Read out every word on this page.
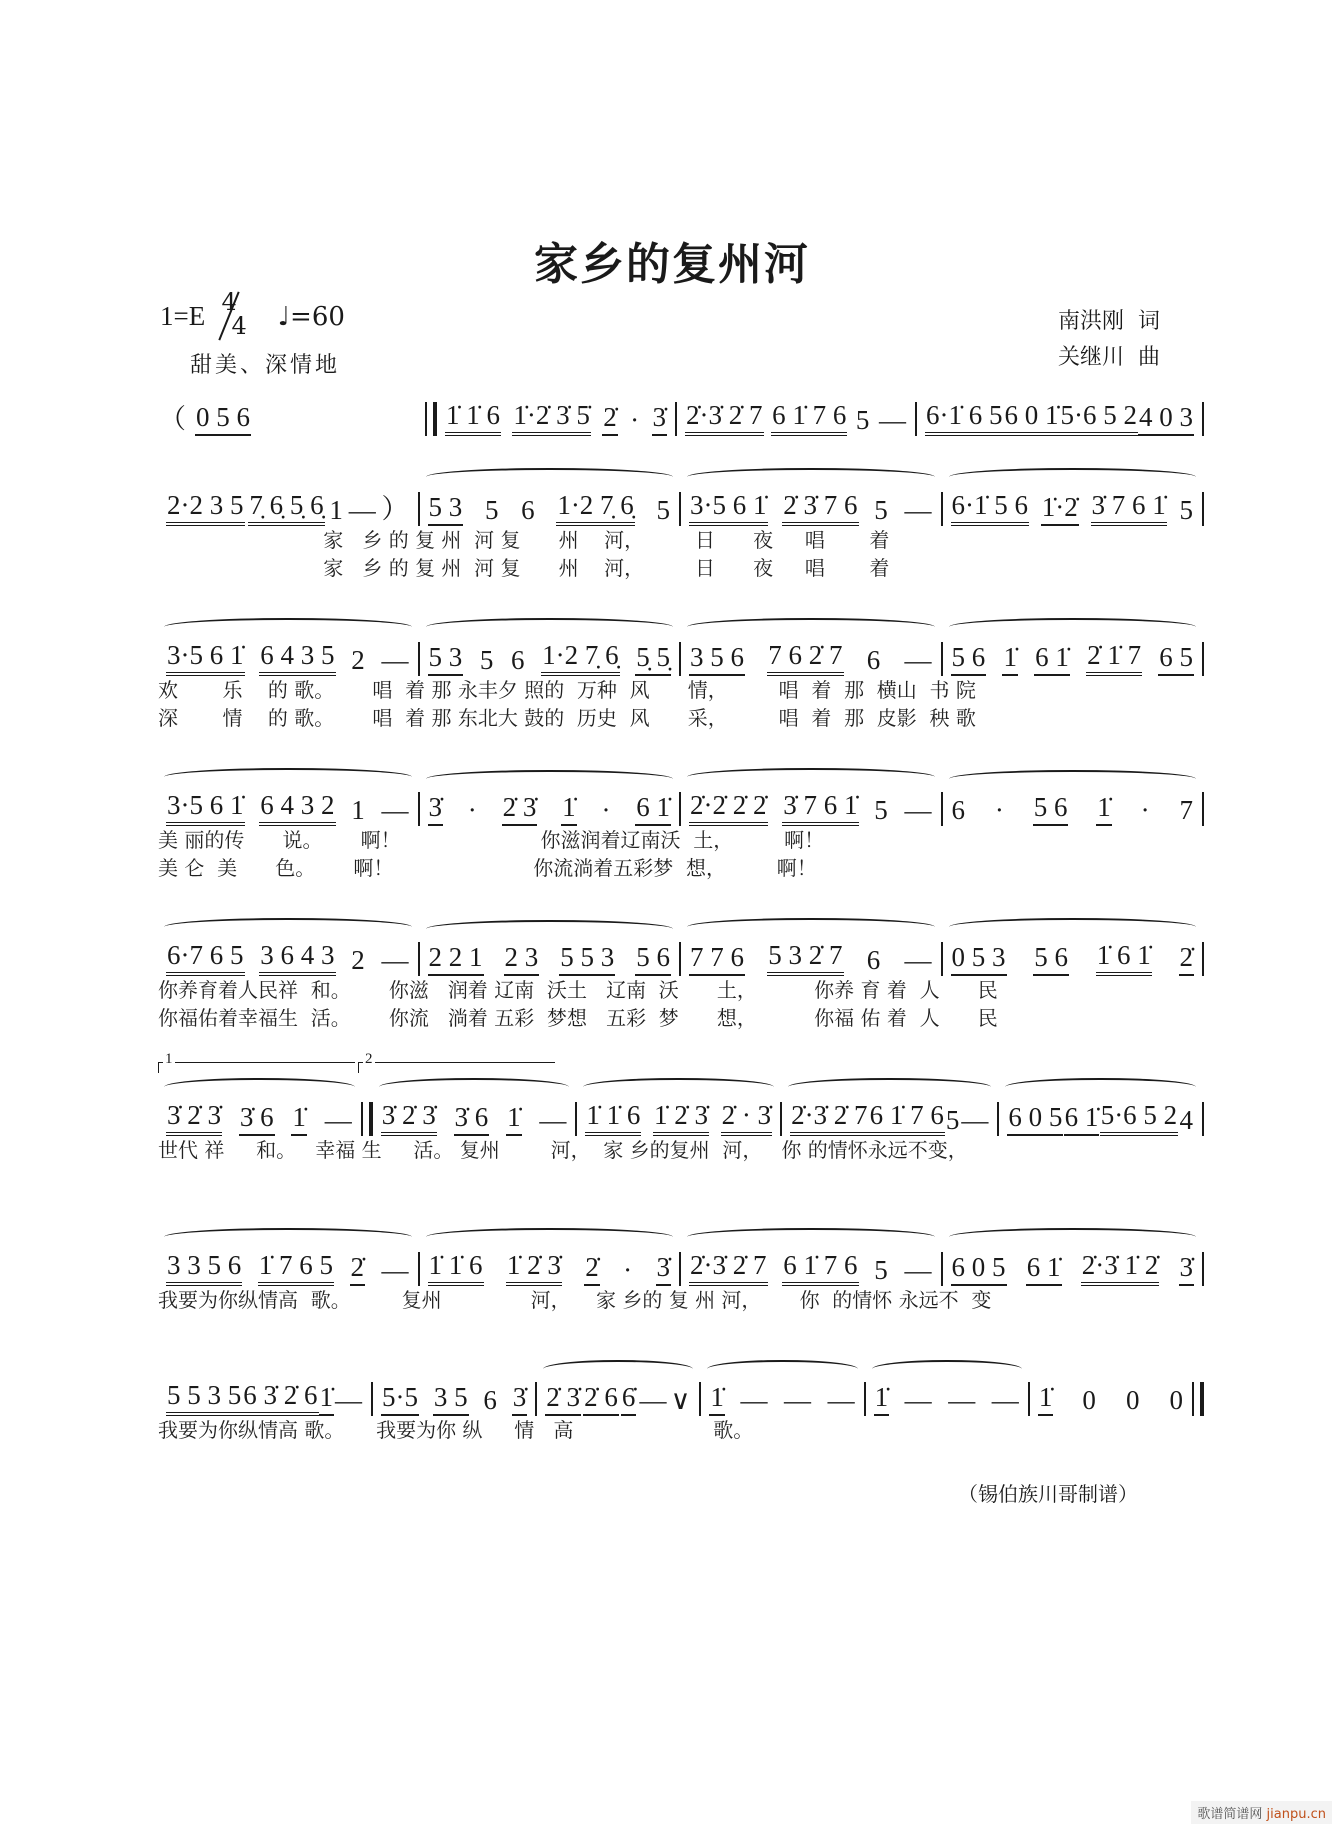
家乡的复州河
1=E 4
4 ♩=60
甜美、深情地
南洪刚 词
关继川 曲
（ 0 5 6	1̇ 1̇ 6 1̇·2̇ 3̇ 5̇ 2̇ · 3̇ 2̇·3̇ 2̇ 7 6 1̇ 7 6 5 — 6·1̇ 6 5 6 0 1̇ 5·6 5 2 4 0 3
2·2 3 5 7̣ 6̣ 5̣ 6̣ 1 — ） 5 3 5 6 1·2 7̣ 6̣ 5 3·5 6 1̇ 2̇ 3̇ 7 6 5 — 6·1̇ 5 6 1̇·2̇ 3̇ 7 6 1̇ 5
家   乡 的 复 州  河 复      州    河，        日      夜     唱       着
家   乡 的 复 州  河 复      州    河，        日      夜     唱       着
3·5 6 1̇ 6 4 3 5 2 — 5 3 5 6 1·2 7̣ 6̣ 5̣ 5̣ 3 5 6 7 6 2̇ 7 6 — 5 6 1̇ 6 1̇ 2̇ 1̇ 7 6 5
欢       乐    的 歌。      唱  着 那 永丰夕 照的  万种  风      情，        唱  着  那  横山  书 院
深       情    的 歌。      唱  着 那 东北大 鼓的  历史  风      采，        唱  着  那  皮影  秧 歌
3·5 6 1̇ 6 4 3 2 1 — 3̇ · 2̇ 3̇ 1̇ · 6 1̇ 2̇·2̇ 2̇ 2̇ 3̇ 7 6 1̇ 5 — 6 · 5 6 1̇ · 7
美 丽的传      说。      啊！                      你滋润着辽南沃  土，        啊！
美 仑  美      色。      啊！                      你流淌着五彩梦  想，        啊！
6·7 6 5 3 6 4 3 2 — 2 2 1 2 3 5 5 3 5 6 7 7 6 5 3 2̇ 7 6 — 0 5 3 5 6 1̇ 6 1̇ 2̇
你养育着人民祥  和。      你滋   润着 辽南  沃土   辽南  沃      土，         你养 育 着  人      民
你福佑着幸福生  活。      你流   淌着 五彩  梦想   五彩  梦      想，         你福 佑 着  人      民
1	2
3̇ 2̇ 3̇ 3̇ 6 1̇ — 3̇ 2̇ 3̇ 3̇ 6 1̇ — 1̇ 1̇ 6 1̇ 2̇ 3̇ 2̇ · 3̇ 2̇·3̇ 2̇ 7 6 1̇ 7 6 5 — 6 0 5 6 1̇ 5·6 5 2 4
世代 祥     和。   幸福 生     活。 复州        河，  家 乡的复州  河，   你 的情怀永远不变，
3 3 5 6 1̇ 7 6 5 2̇ — 1̇ 1̇ 6 1̇ 2̇ 3̇ 2̇ · 3̇ 2̇·3̇ 2̇ 7 6 1̇ 7 6 5 — 6 0 5 6 1̇ 2̇·3̇ 1̇ 2̇ 3̇
我要为你纵情高  歌。        复州              河，    家 乡的 复 州 河，      你  的情怀 永远不  变
5 5 3 5 6 3̇ 2̇ 6 1̇ — 5·5 3 5 6 3̇ 2̇ 3̇ 2̇ 6 6̇ — ∨ 1̇ — — — 1̇ — — — 1̇ 0 0 0
我要为你纵情高 歌。     我要为你 纵     情   高                      歌。
（锡伯族川哥制谱）
歌谱简谱网 jianpu.cn
